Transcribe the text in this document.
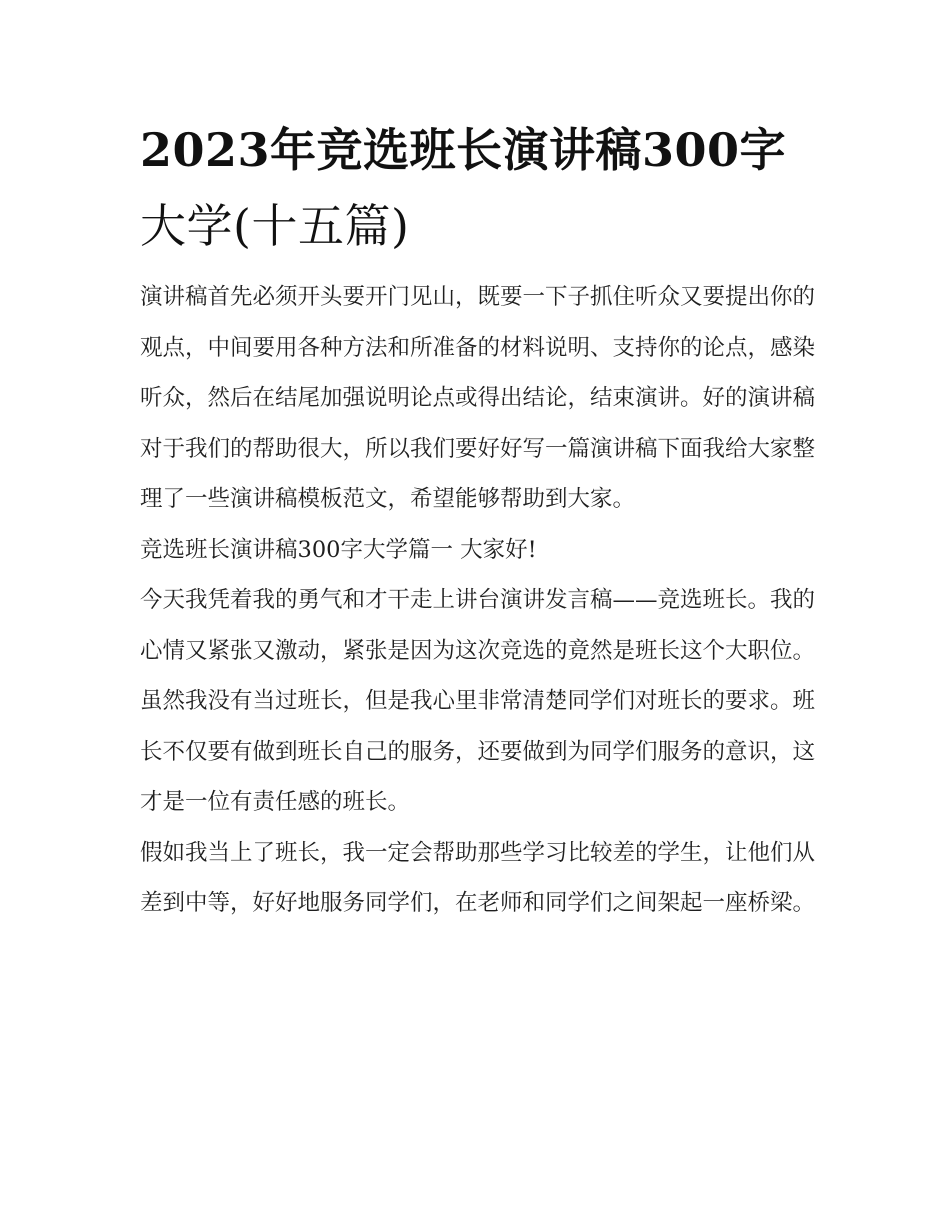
2023年竞选班长演讲稿300字
大学(十五篇)

演讲稿首先必须开头要开门见山，既要一下子抓住听众又要提出你的观点，中间要用各种方法和所准备的材料说明、支持你的论点，感染听众，然后在结尾加强说明论点或得出结论，结束演讲。好的演讲稿对于我们的帮助很大，所以我们要好好写一篇演讲稿下面我给大家整理了一些演讲稿模板范文，希望能够帮助到大家。

竞选班长演讲稿300字大学篇一 大家好!

今天我凭着我的勇气和才干走上讲台演讲发言稿——竞选班长。我的心情又紧张又激动，紧张是因为这次竞选的竟然是班长这个大职位。

虽然我没有当过班长，但是我心里非常清楚同学们对班长的要求。班长不仅要有做到班长自己的服务，还要做到为同学们服务的意识，这才是一位有责任感的班长。

假如我当上了班长，我一定会帮助那些学习比较差的学生，让他们从差到中等，好好地服务同学们，在老师和同学们之间架起一座桥梁。
